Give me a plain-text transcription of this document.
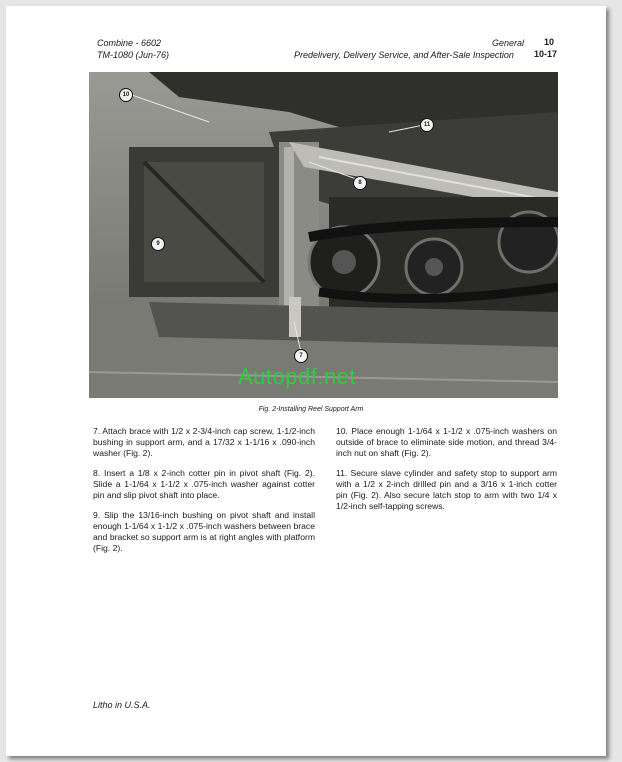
Combine - 6602
TM-1080 (Jun-76)
General
Predelivery, Delivery Service, and After-Sale Inspection
10
10-17
10
11
8
9
7
Autopdf.net
Fig. 2-Installing Reel Support Arm

7. Attach brace with 1/2 x 2-3/4-inch cap screw, 1-1/2-inch bushing in support arm, and a 17/32 x 1-1/16 x .090-inch washer (Fig. 2).

8. Insert a 1/8 x 2-inch cotter pin in pivot shaft (Fig. 2). Slide a 1-1/64 x 1-1/2 x .075-inch washer against cotter pin and slip pivot shaft into place.

9. Slip the 13/16-inch bushing on pivot shaft and install enough 1-1/64 x 1-1/2 x .075-inch washers between brace and bracket so support arm is at right angles with platform (Fig. 2).

10. Place enough 1-1/64 x 1-1/2 x .075-inch washers on outside of brace to eliminate side motion, and thread 3/4-inch nut on shaft (Fig. 2).

11. Secure slave cylinder and safety stop to support arm with a 1/2 x 2-inch drilled pin and a 3/16 x 1-inch cotter pin (Fig. 2). Also secure latch stop to arm with two 1/4 x 1/2-inch self-tapping screws.

Litho in U.S.A.
